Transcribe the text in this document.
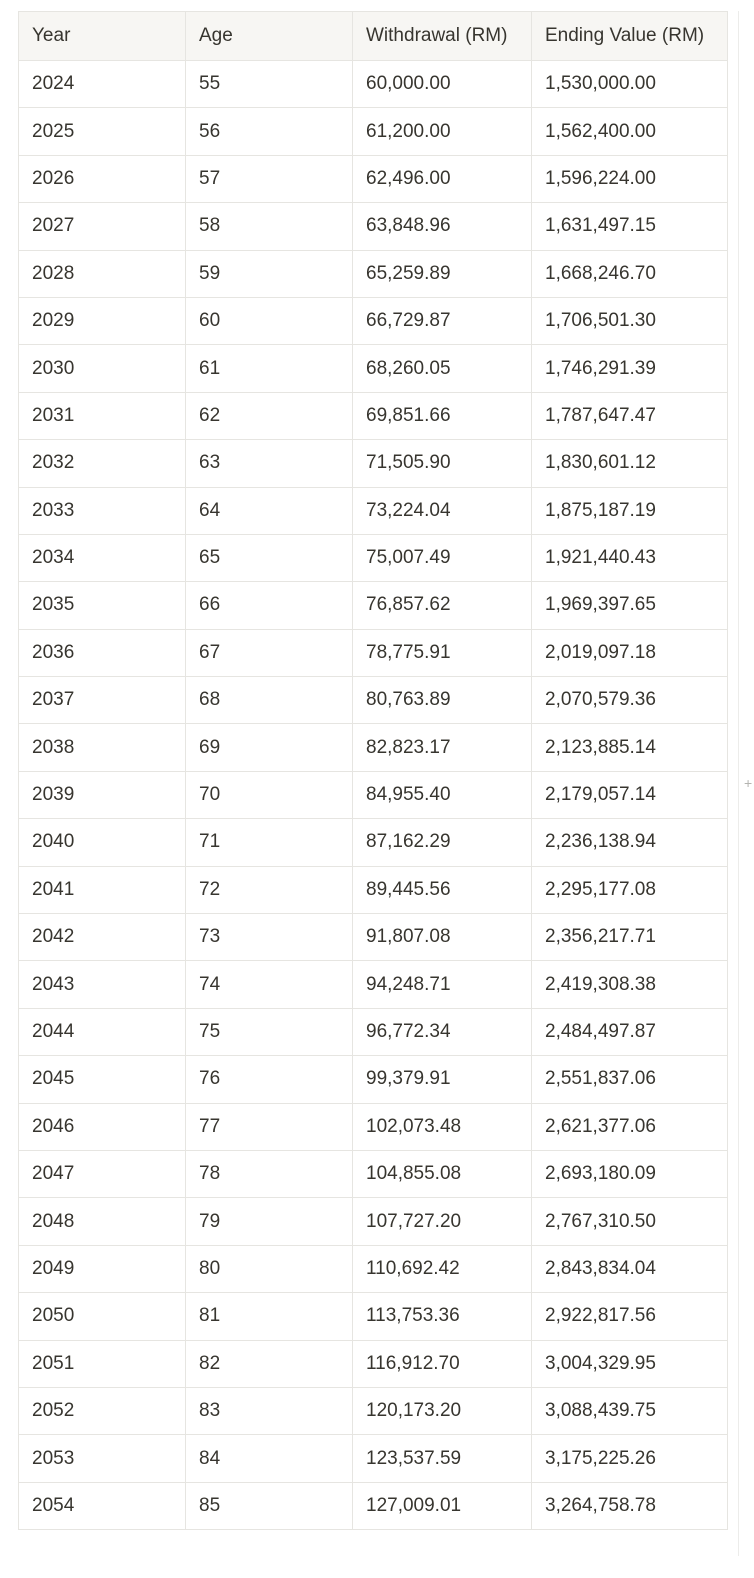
Year	Age	Withdrawal (RM)	Ending Value (RM)
2024	55	60,000.00	1,530,000.00
2025	56	61,200.00	1,562,400.00
2026	57	62,496.00	1,596,224.00
2027	58	63,848.96	1,631,497.15
2028	59	65,259.89	1,668,246.70
2029	60	66,729.87	1,706,501.30
2030	61	68,260.05	1,746,291.39
2031	62	69,851.66	1,787,647.47
2032	63	71,505.90	1,830,601.12
2033	64	73,224.04	1,875,187.19
2034	65	75,007.49	1,921,440.43
2035	66	76,857.62	1,969,397.65
2036	67	78,775.91	2,019,097.18
2037	68	80,763.89	2,070,579.36
2038	69	82,823.17	2,123,885.14
2039	70	84,955.40	2,179,057.14
2040	71	87,162.29	2,236,138.94
2041	72	89,445.56	2,295,177.08
2042	73	91,807.08	2,356,217.71
2043	74	94,248.71	2,419,308.38
2044	75	96,772.34	2,484,497.87
2045	76	99,379.91	2,551,837.06
2046	77	102,073.48	2,621,377.06
2047	78	104,855.08	2,693,180.09
2048	79	107,727.20	2,767,310.50
2049	80	110,692.42	2,843,834.04
2050	81	113,753.36	2,922,817.56
2051	82	116,912.70	3,004,329.95
2052	83	120,173.20	3,088,439.75
2053	84	123,537.59	3,175,225.26
2054	85	127,009.01	3,264,758.78
+
